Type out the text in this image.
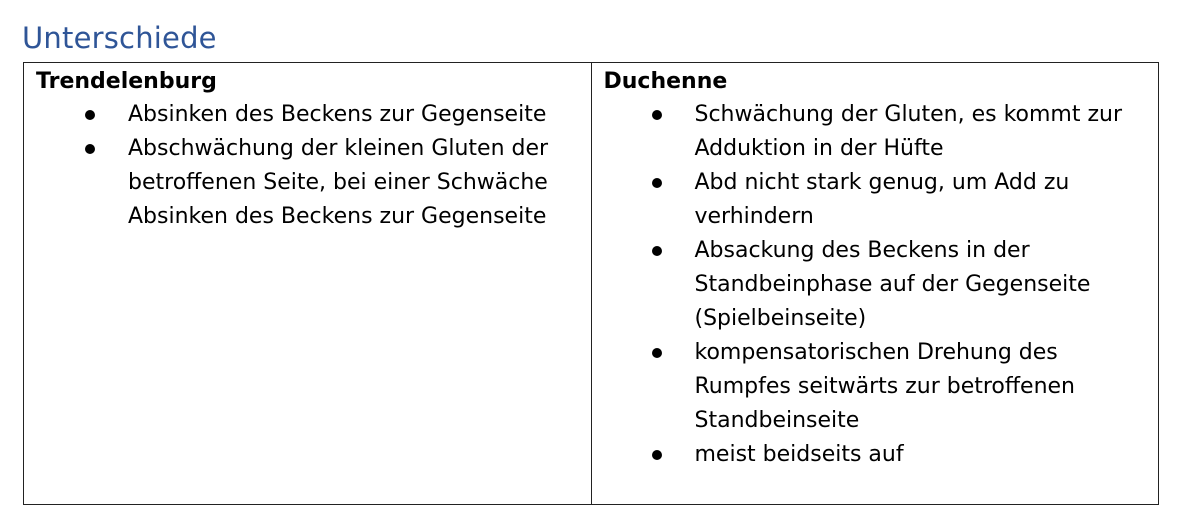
Unterschiede
Trendelenburg
Absinken des Beckens zur Gegenseite
Abschwächung der kleinen Gluten der betroffenen Seite, bei einer Schwäche Absinken des Beckens zur Gegenseite
Duchenne
Schwächung der Gluten, es kommt zur Adduktion in der Hüfte
Abd nicht stark genug, um Add zu verhindern
Absackung des Beckens in der Standbeinphase auf der Gegenseite (Spielbeinseite)
kompensatorischen Drehung des Rumpfes seitwärts zur betroffenen Standbeinseite
meist beidseits auf
